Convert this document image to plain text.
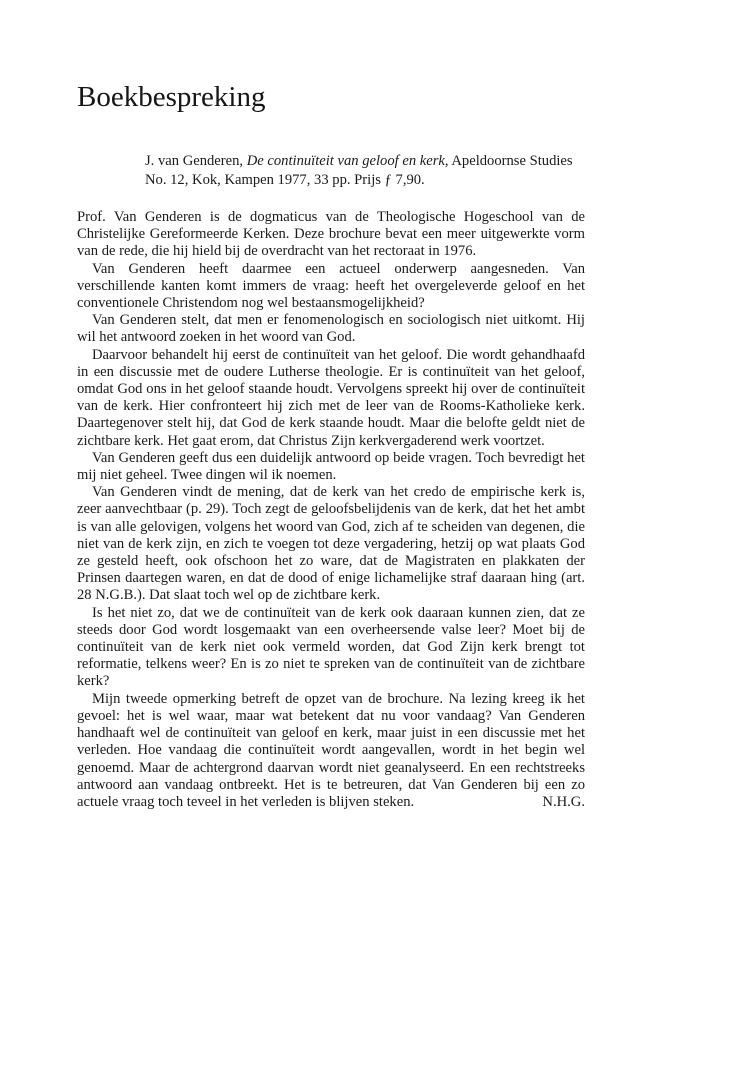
Boekbespreking
J. van Genderen, De continuïteit van geloof en kerk, Apeldoornse Studies No. 12, Kok, Kampen 1977, 33 pp. Prijs ƒ 7,90.

Prof. Van Genderen is de dogmaticus van de Theologische Hogeschool van de Christelijke Gereformeerde Kerken. Deze brochure bevat een meer uitgewerkte vorm van de rede, die hij hield bij de overdracht van het rectoraat in 1976.

Van Genderen heeft daarmee een actueel onderwerp aangesneden. Van verschillende kanten komt immers de vraag: heeft het overgeleverde geloof en het conventionele Christendom nog wel bestaansmogelijkheid?

Van Genderen stelt, dat men er fenomenologisch en sociologisch niet uitkomt. Hij wil het antwoord zoeken in het woord van God.

Daarvoor behandelt hij eerst de continuïteit van het geloof. Die wordt gehandhaafd in een discussie met de oudere Lutherse theologie. Er is continuïteit van het geloof, omdat God ons in het geloof staande houdt. Vervolgens spreekt hij over de continuïteit van de kerk. Hier confronteert hij zich met de leer van de Rooms-Katholieke kerk. Daartegenover stelt hij, dat God de kerk staande houdt. Maar die belofte geldt niet de zichtbare kerk. Het gaat erom, dat Christus Zijn kerkvergaderend werk voortzet.

Van Genderen geeft dus een duidelijk antwoord op beide vragen. Toch bevredigt het mij niet geheel. Twee dingen wil ik noemen.

Van Genderen vindt de mening, dat de kerk van het credo de empirische kerk is, zeer aanvechtbaar (p. 29). Toch zegt de geloofsbelijdenis van de kerk, dat het het ambt is van alle gelovigen, volgens het woord van God, zich af te scheiden van degenen, die niet van de kerk zijn, en zich te voegen tot deze vergadering, hetzij op wat plaats God ze gesteld heeft, ook ofschoon het zo ware, dat de Magistraten en plakkaten der Prinsen daartegen waren, en dat de dood of enige lichamelijke straf daaraan hing (art. 28 N.G.B.). Dat slaat toch wel op de zichtbare kerk.

Is het niet zo, dat we de continuïteit van de kerk ook daaraan kunnen zien, dat ze steeds door God wordt losgemaakt van een overheersende valse leer? Moet bij de continuïteit van de kerk niet ook vermeld worden, dat God Zijn kerk brengt tot reformatie, telkens weer? En is zo niet te spreken van de continuïteit van de zichtbare kerk?

Mijn tweede opmerking betreft de opzet van de brochure. Na lezing kreeg ik het gevoel: het is wel waar, maar wat betekent dat nu voor vandaag? Van Genderen handhaaft wel de continuïteit van geloof en kerk, maar juist in een discussie met het verleden. Hoe vandaag die continuïteit wordt aangevallen, wordt in het begin wel genoemd. Maar de achtergrond daarvan wordt niet geanalyseerd. En een rechtstreeks antwoord aan vandaag ontbreekt. Het is te betreuren, dat Van Genderen bij een zo actuele vraag toch teveel in het verleden is blijven steken.	N.H.G.
